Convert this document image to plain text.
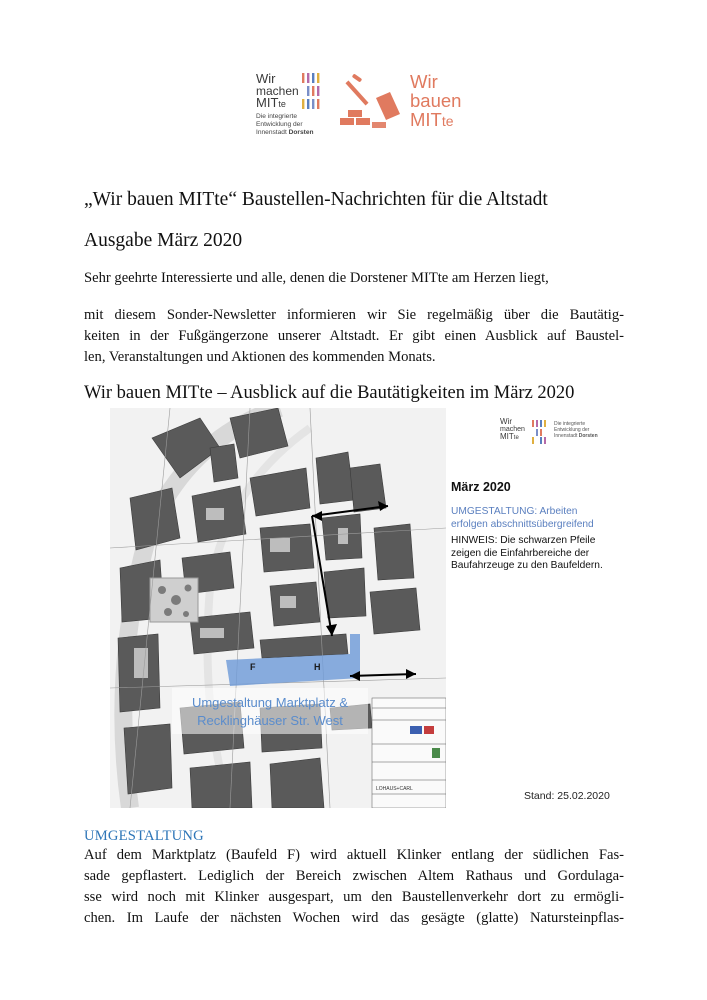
Wir
machen
MITte
Die integrierte
Entwicklung der
Innenstadt Dorsten
Wir
bauen
MITte
„Wir bauen MITte“ Baustellen-Nachrichten für die Altstadt
Ausgabe März 2020
Sehr geehrte Interessierte und alle, denen die Dorstener MITte am Herzen liegt,
mit diesem Sonder-Newsletter informieren wir Sie regelmäßig über die Bautätig-
keiten in der Fußgängerzone unserer Altstadt. Er gibt einen Ausblick auf Baustel-
len, Veranstaltungen und Aktionen des kommenden Monats.
Wir bauen MITte – Ausblick auf die Bautätigkeiten im März 2020
F	H
LOHAUS+CARL
Umgestaltung Marktplatz &
Recklinghäuser Str. West
Wir
machen
MITte
Die integrierte
Entwicklung der
Innenstadt Dorsten
März 2020
UMGESTALTUNG: Arbeiten
erfolgen abschnittsübergreifend
HINWEIS: Die schwarzen Pfeile
zeigen die Einfahrbereiche der
Baufahrzeuge zu den Baufeldern.
Stand: 25.02.2020
UMGESTALTUNG
Auf dem Marktplatz (Baufeld F) wird aktuell Klinker entlang der südlichen Fas-
sade gepflastert. Lediglich der Bereich zwischen Altem Rathaus und Gordulaga-
sse wird noch mit Klinker ausgespart, um den Baustellenverkehr dort zu ermögli-
chen. Im Laufe der nächsten Wochen wird das gesägte (glatte) Natursteinpflas-
